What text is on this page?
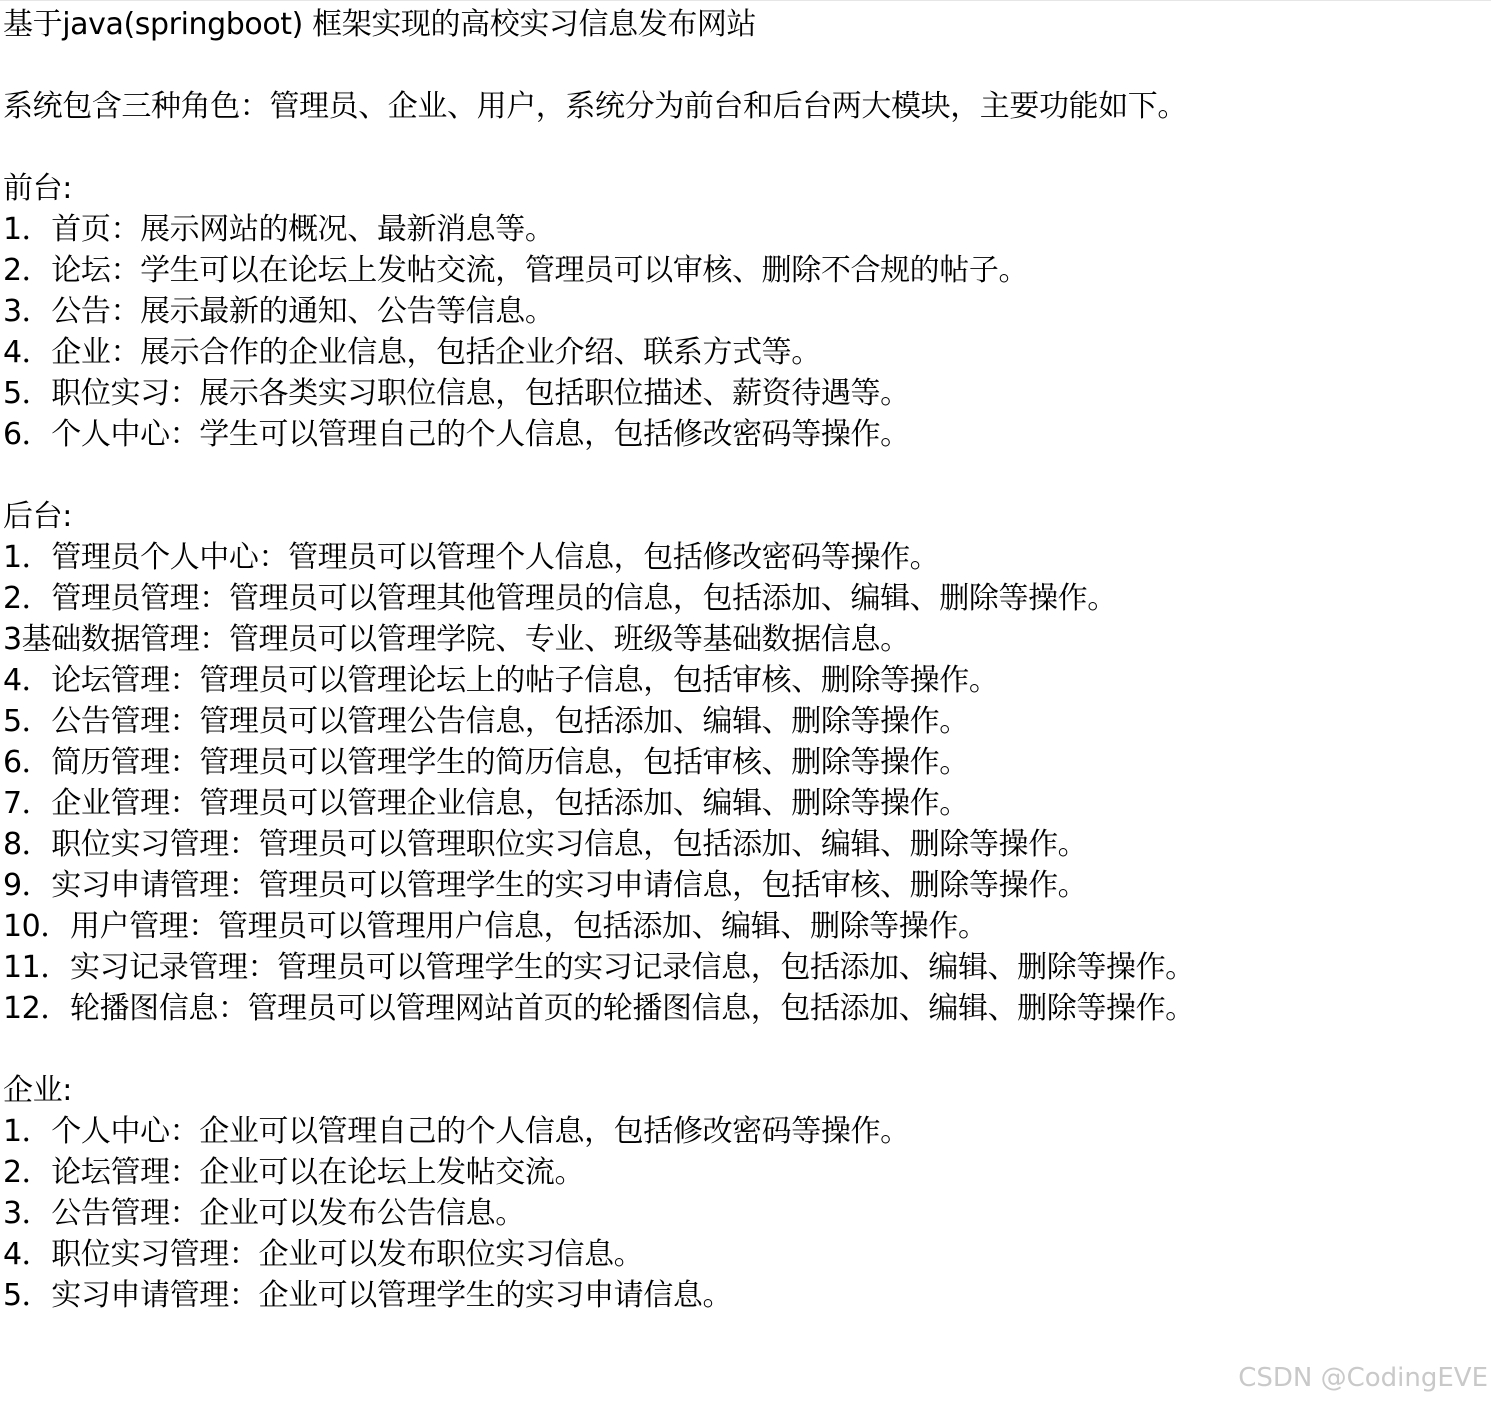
基于java(springboot) 框架实现的高校实习信息发布网站
系统包含三种角色：管理员、企业、用户，系统分为前台和后台两大模块，主要功能如下。
前台:
1．首页：展示网站的概况、最新消息等。
2．论坛：学生可以在论坛上发帖交流，管理员可以审核、删除不合规的帖子。
3．公告：展示最新的通知、公告等信息。
4．企业：展示合作的企业信息，包括企业介绍、联系方式等。
5．职位实习：展示各类实习职位信息，包括职位描述、薪资待遇等。
6．个人中心：学生可以管理自己的个人信息，包括修改密码等操作。
后台:
1．管理员个人中心：管理员可以管理个人信息，包括修改密码等操作。
2．管理员管理：管理员可以管理其他管理员的信息，包括添加、编辑、删除等操作。
3基础数据管理：管理员可以管理学院、专业、班级等基础数据信息。
4．论坛管理：管理员可以管理论坛上的帖子信息，包括审核、删除等操作。
5．公告管理：管理员可以管理公告信息，包括添加、编辑、删除等操作。
6．简历管理：管理员可以管理学生的简历信息，包括审核、删除等操作。
7．企业管理：管理员可以管理企业信息，包括添加、编辑、删除等操作。
8．职位实习管理：管理员可以管理职位实习信息，包括添加、编辑、删除等操作。
9．实习申请管理：管理员可以管理学生的实习申请信息，包括审核、删除等操作。
10．用户管理：管理员可以管理用户信息，包括添加、编辑、删除等操作。
11．实习记录管理：管理员可以管理学生的实习记录信息，包括添加、编辑、删除等操作。
12．轮播图信息：管理员可以管理网站首页的轮播图信息，包括添加、编辑、删除等操作。
企业:
1．个人中心：企业可以管理自己的个人信息，包括修改密码等操作。
2．论坛管理：企业可以在论坛上发帖交流。
3．公告管理：企业可以发布公告信息。
4．职位实习管理：企业可以发布职位实习信息。
5．实习申请管理：企业可以管理学生的实习申请信息。
CSDN @CodingEVE
